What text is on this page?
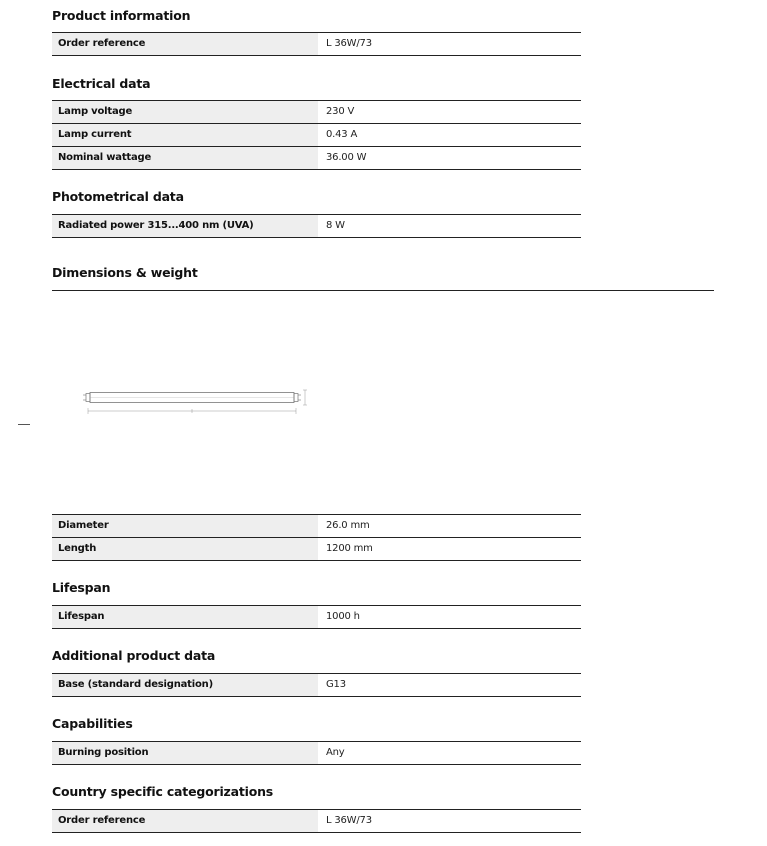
Product information
Order reference	L 36W/73
Electrical data
Lamp voltage	230 V
Lamp current	0.43 A
Nominal wattage	36.00 W
Photometrical data
Radiated power 315...400 nm (UVA)	8 W
Dimensions & weight
Diameter	26.0 mm
Length	1200 mm
Lifespan
Lifespan	1000 h
Additional product data
Base (standard designation)	G13
Capabilities
Burning position	Any
Country specific categorizations
Order reference	L 36W/73
